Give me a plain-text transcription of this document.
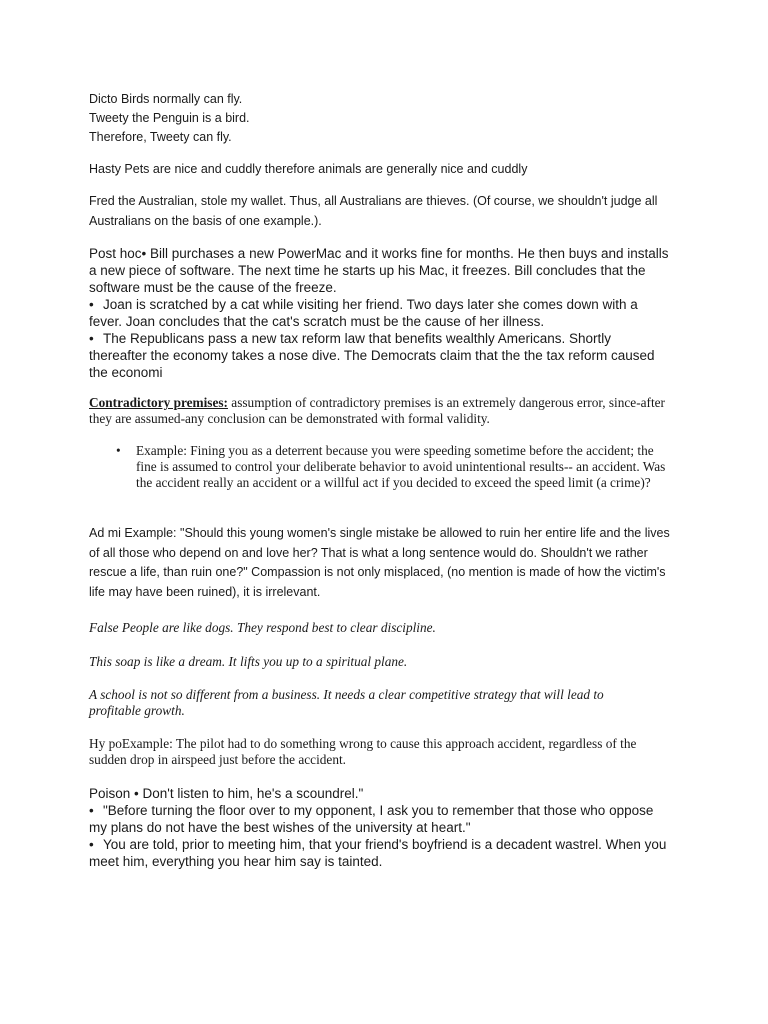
Dicto Birds normally can fly.
Tweety the Penguin is a bird.
Therefore, Tweety can fly.
Hasty Pets are nice and cuddly therefore animals are generally nice and cuddly
Fred the Australian, stole my wallet. Thus, all Australians are thieves. (Of course, we shouldn't judge all Australians on the basis of one example.).
Post hoc• Bill purchases a new PowerMac and it works fine for months. He then buys and installs a new piece of software. The next time he starts up his Mac, it freezes. Bill concludes that the software must be the cause of the freeze.
• Joan is scratched by a cat while visiting her friend. Two days later she comes down with a fever. Joan concludes that the cat's scratch must be the cause of her illness.
• The Republicans pass a new tax reform law that benefits wealthly Americans. Shortly thereafter the economy takes a nose dive. The Democrats claim that the the tax reform caused the economi
Contradictory premises: assumption of contradictory premises is an extremely dangerous error, since-after they are assumed-any conclusion can be demonstrated with formal validity.
•	Example: Fining you as a deterrent because you were speeding sometime before the accident; the fine is assumed to control your deliberate behavior to avoid unintentional results-- an accident. Was the accident really an accident or a willful act if you decided to exceed the speed limit (a crime)?
Ad mi Example: "Should this young women's single mistake be allowed to ruin her entire life and the lives of all those who depend on and love her? That is what a long sentence would do. Shouldn't we rather rescue a life, than ruin one?" Compassion is not only misplaced, (no mention is made of how the victim's life may have been ruined), it is irrelevant.
False People are like dogs. They respond best to clear discipline.
This soap is like a dream. It lifts you up to a spiritual plane.
A school is not so different from a business. It needs a clear competitive strategy that will lead to profitable growth.
Hy poExample: The pilot had to do something wrong to cause this approach accident, regardless of the sudden drop in airspeed just before the accident.
Poison • Don't listen to him, he's a scoundrel."
• "Before turning the floor over to my opponent, I ask you to remember that those who oppose my plans do not have the best wishes of the university at heart."
• You are told, prior to meeting him, that your friend's boyfriend is a decadent wastrel. When you meet him, everything you hear him say is tainted.
